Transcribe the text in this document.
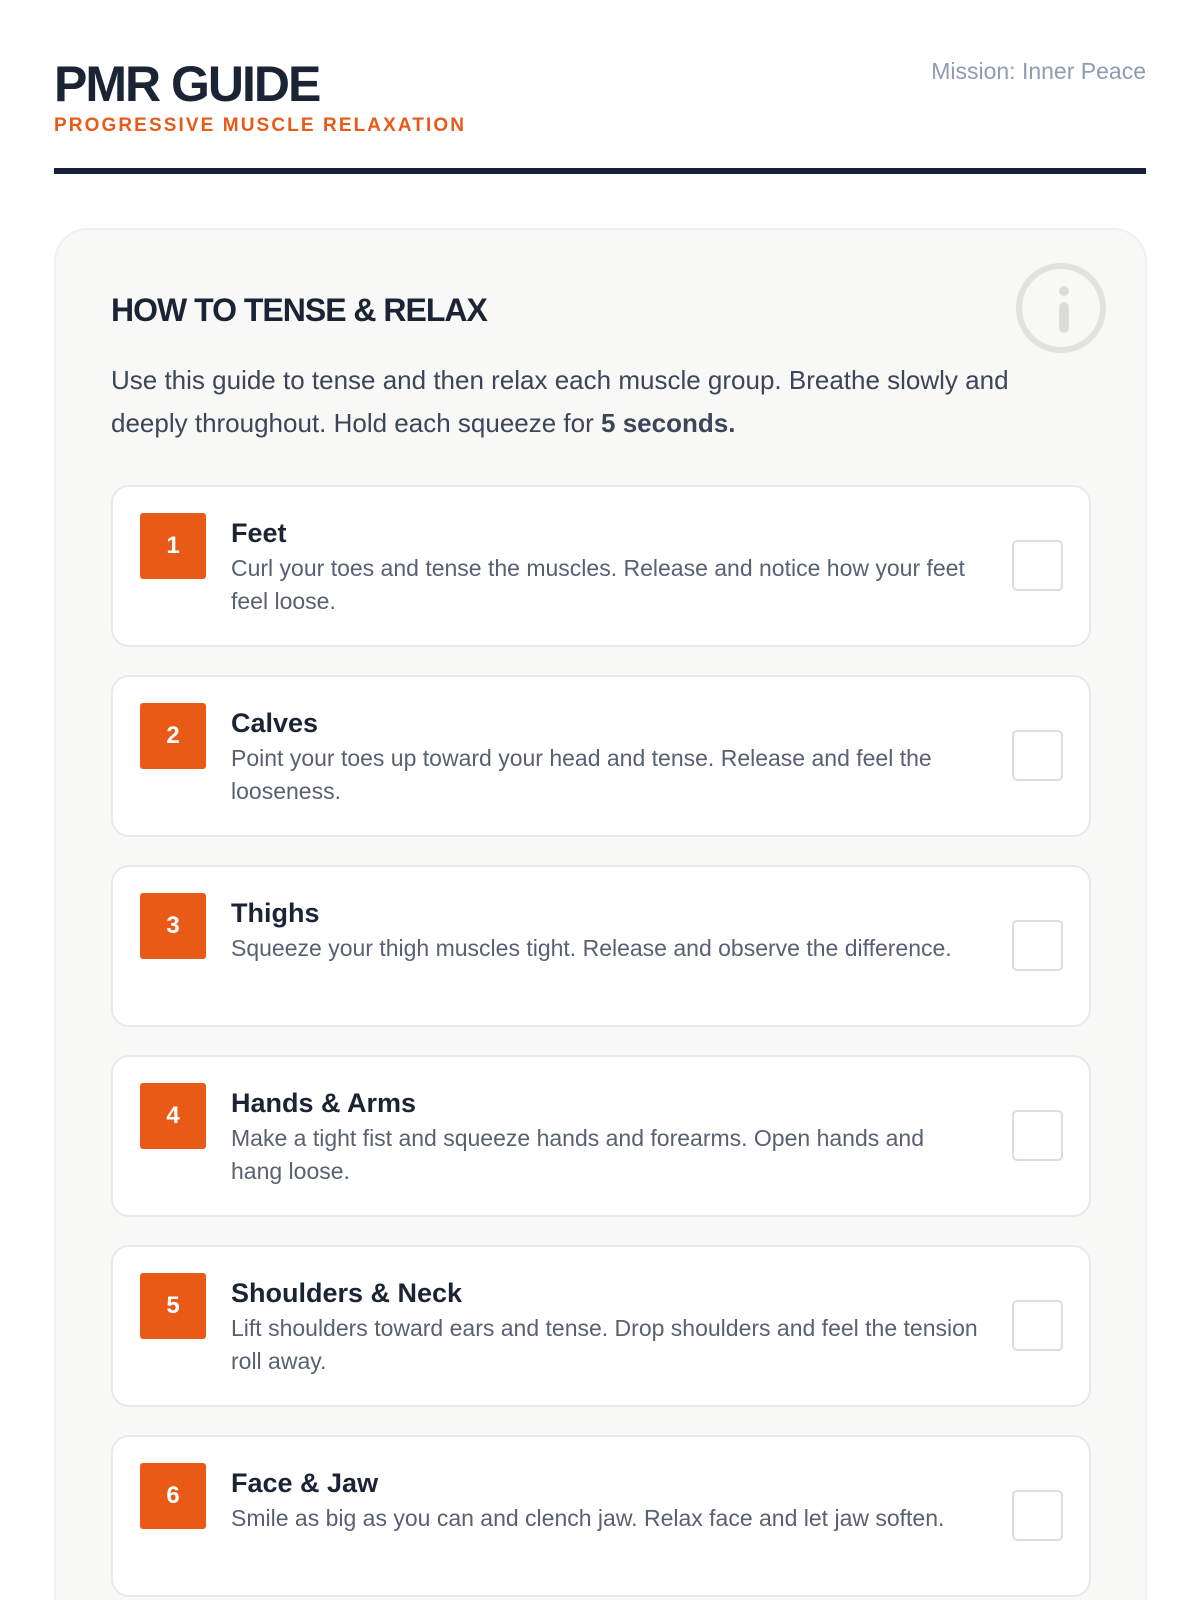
PMR GUIDE
PROGRESSIVE MUSCLE RELAXATION
Mission: Inner Peace
HOW TO TENSE & RELAX

Use this guide to tense and then relax each muscle group. Breathe slowly and deeply throughout. Hold each squeeze for 5 seconds.

1	Feet
Curl your toes and tense the muscles. Release and notice how your feet feel loose.
2	Calves
Point your toes up toward your head and tense. Release and feel the looseness.
3	Thighs
Squeeze your thigh muscles tight. Release and observe the difference.
4	Hands & Arms
Make a tight fist and squeeze hands and forearms. Open hands and hang loose.
5	Shoulders & Neck
Lift shoulders toward ears and tense. Drop shoulders and feel the tension roll away.
6	Face & Jaw
Smile as big as you can and clench jaw. Relax face and let jaw soften.
